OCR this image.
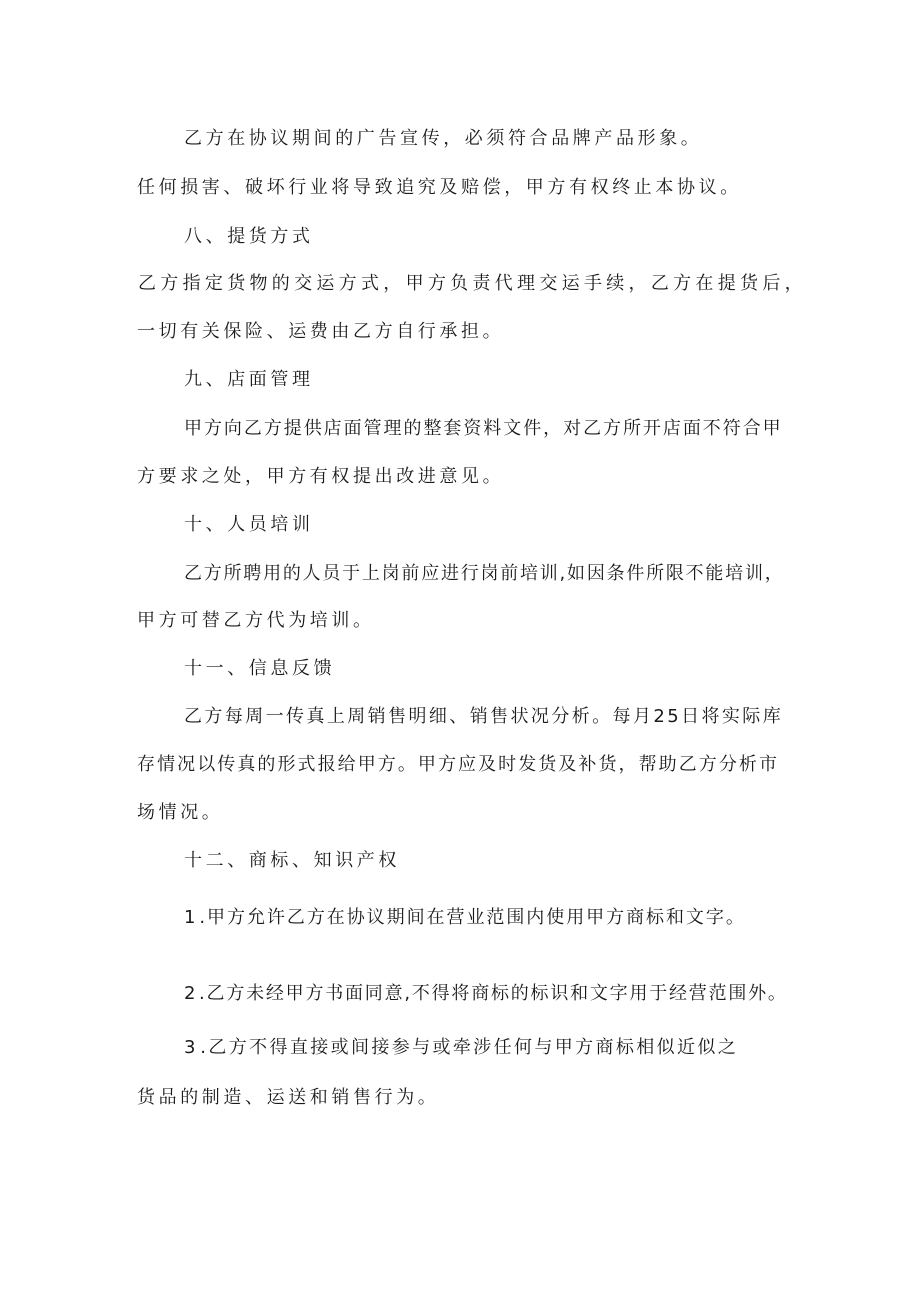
乙方在协议期间的广告宣传，必须符合品牌产品形象。

任何损害、破坏行业将导致追究及赔偿，甲方有权终止本协议。

八、提货方式

乙 方 指 定 货 物 的 交 运 方 式 ， 甲 方 负 责 代 理 交 运 手 续 ， 乙 方 在 提 货 后 ，

一切有关保险、运费由乙方自行承担。

九、店面管理

甲 方 向 乙 方 提 供 店 面 管 理 的 整 套 资 料 文 件 ， 对 乙 方 所 开 店 面 不 符 合 甲

方要求之处，甲方有权提出改进意见。

十、人员培训

乙 方 所 聘 用 的 人 员 于 上 岗 前 应 进 行 岗 前 培 训 , 如 因 条 件 所 限 不 能 培 训 ，

甲方可替乙方代为培训。

十一、信息反馈

乙 方 每 周 一 传 真 上 周 销 售 明 细 、 销 售 状 况 分 析 。 每 月 2 5 日 将 实 际 库

存 情 况 以 传 真 的 形 式 报 给 甲 方 。 甲 方 应 及 时 发 货 及 补 货 ， 帮 助 乙 方 分 析 市

场情况。

十二、商标、知识产权

1 . 甲 方 允 许 乙 方 在 协 议 期 间 在 营 业 范 围 内 使 用 甲 方 商 标 和 文 字 。

2 . 乙 方 未 经 甲 方 书 面 同 意 , 不 得 将 商 标 的 标 识 和 文 字 用 于 经 营 范 围 外 。

3 . 乙 方 不 得 直 接 或 间 接 参 与 或 牵 涉 任 何 与 甲 方 商 标 相 似 近 似 之

货品的制造、运送和销售行为。
